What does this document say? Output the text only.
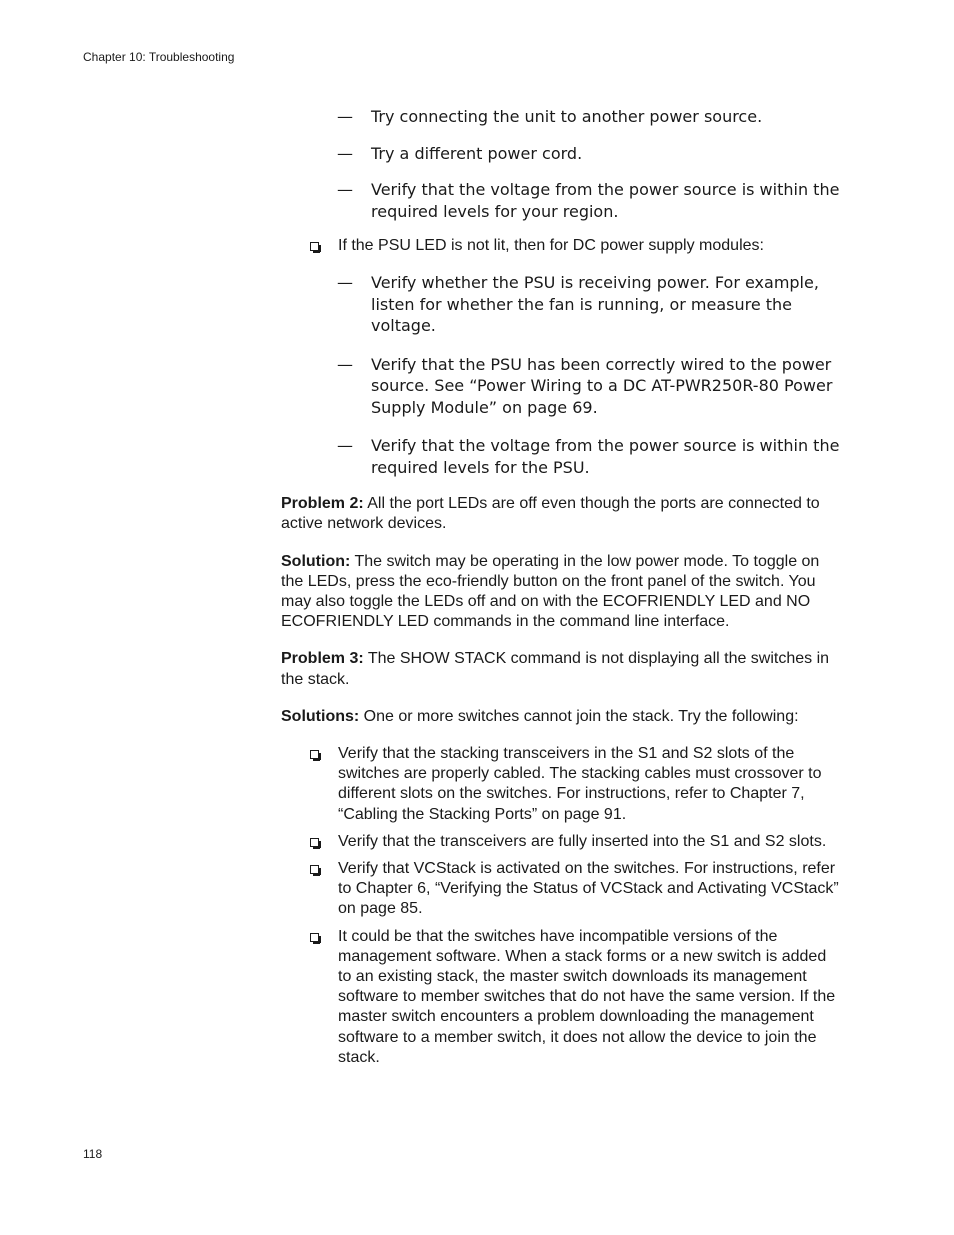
Chapter 10: Troubleshooting
— Try connecting the unit to another power source.
— Try a different power cord.
— Verify that the voltage from the power source is within the required levels for your region.
If the PSU LED is not lit, then for DC power supply modules:
— Verify whether the PSU is receiving power. For example, listen for whether the fan is running, or measure the voltage.
— Verify that the PSU has been correctly wired to the power source. See “Power Wiring to a DC AT-PWR250R-80 Power Supply Module” on page 69.
— Verify that the voltage from the power source is within the required levels for the PSU.
Problem 2: All the port LEDs are off even though the ports are connected to active network devices.
Solution: The switch may be operating in the low power mode. To toggle on the LEDs, press the eco-friendly button on the front panel of the switch. You may also toggle the LEDs off and on with the ECOFRIENDLY LED and NO ECOFRIENDLY LED commands in the command line interface.
Problem 3: The SHOW STACK command is not displaying all the switches in the stack.
Solutions: One or more switches cannot join the stack. Try the following:
Verify that the stacking transceivers in the S1 and S2 slots of the switches are properly cabled. The stacking cables must crossover to different slots on the switches. For instructions, refer to Chapter 7, “Cabling the Stacking Ports” on page 91.
Verify that the transceivers are fully inserted into the S1 and S2 slots.
Verify that VCStack is activated on the switches. For instructions, refer to Chapter 6, “Verifying the Status of VCStack and Activating VCStack” on page 85.
It could be that the switches have incompatible versions of the management software. When a stack forms or a new switch is added to an existing stack, the master switch downloads its management software to member switches that do not have the same version. If the master switch encounters a problem downloading the management software to a member switch, it does not allow the device to join the stack.
118
